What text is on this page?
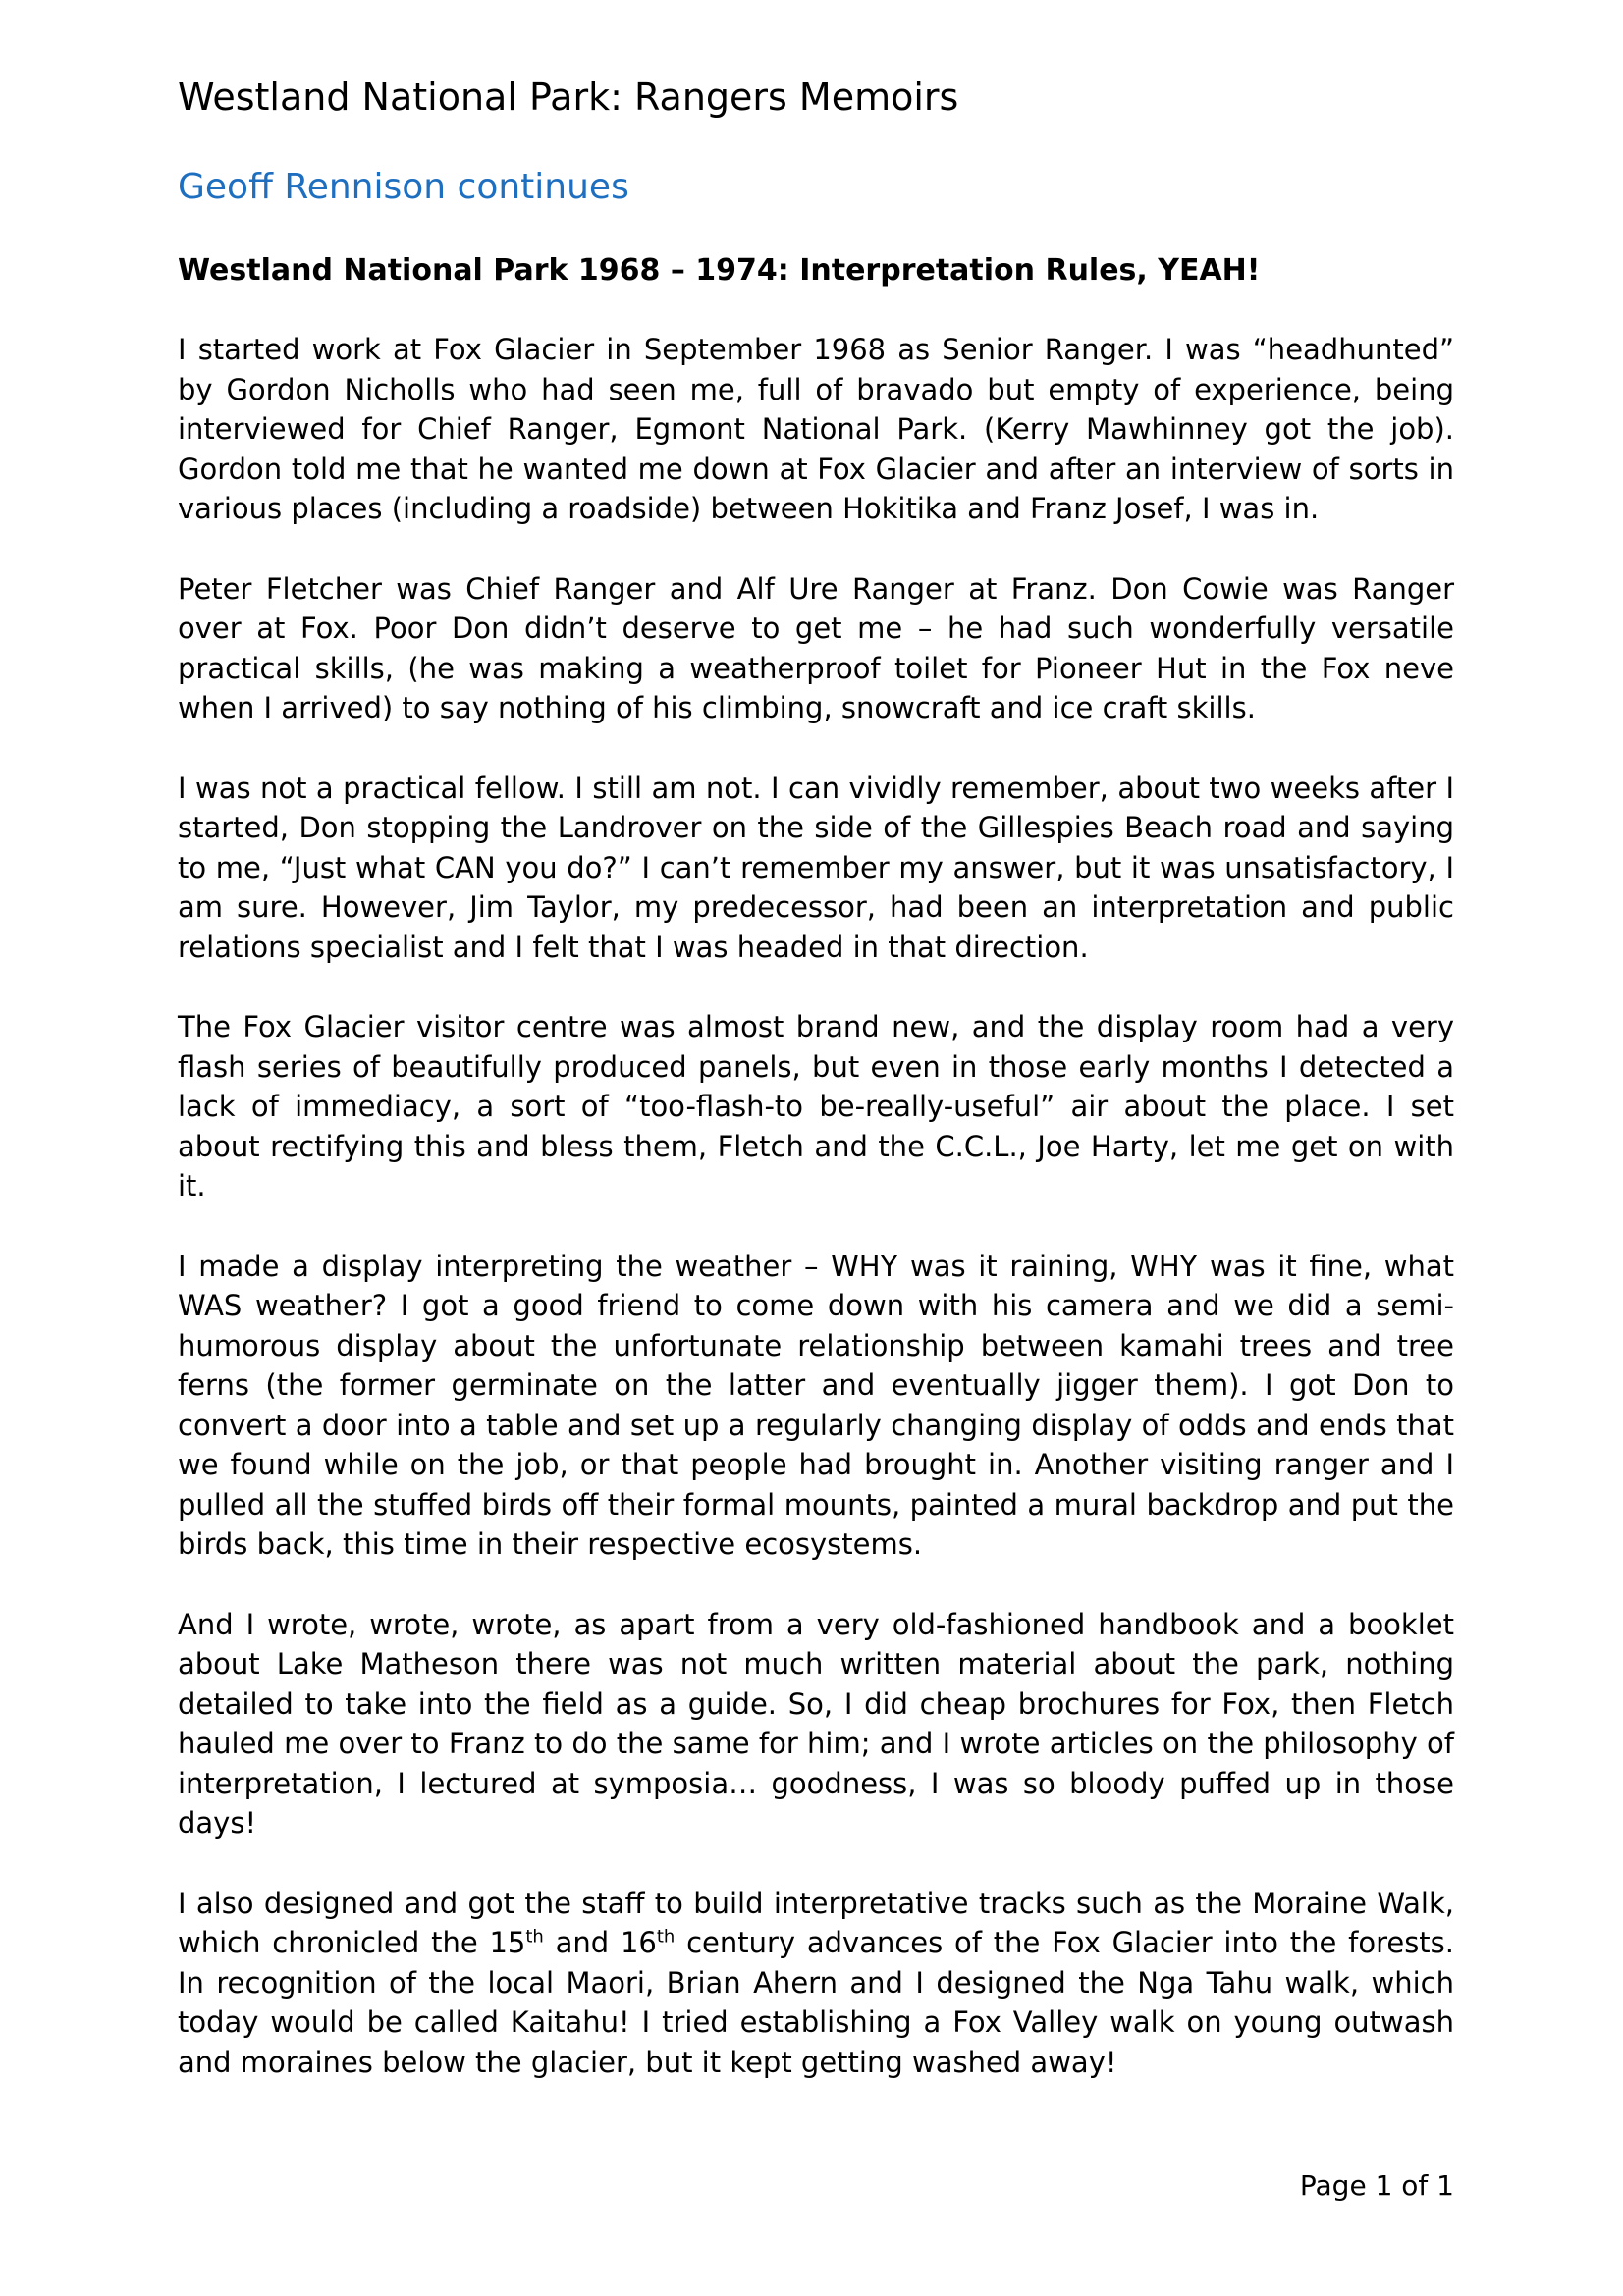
Westland National Park: Rangers Memoirs
Geoff Rennison continues
Westland National Park 1968 – 1974: Interpretation Rules, YEAH!

I started work at Fox Glacier in September 1968 as Senior Ranger. I was “headhunted” by Gordon Nicholls who had seen me, full of bravado but empty of experience, being interviewed for Chief Ranger, Egmont National Park. (Kerry Mawhinney got the job). Gordon told me that he wanted me down at Fox Glacier and after an interview of sorts in various places (including a roadside) between Hokitika and Franz Josef, I was in.

Peter Fletcher was Chief Ranger and Alf Ure Ranger at Franz. Don Cowie was Ranger over at Fox. Poor Don didn’t deserve to get me – he had such wonderfully versatile practical skills, (he was making a weatherproof toilet for Pioneer Hut in the Fox neve when I arrived) to say nothing of his climbing, snowcraft and ice craft skills.

I was not a practical fellow. I still am not. I can vividly remember, about two weeks after I started, Don stopping the Landrover on the side of the Gillespies Beach road and saying to me, “Just what CAN you do?” I can’t remember my answer, but it was unsatisfactory, I am sure. However, Jim Taylor, my predecessor, had been an interpretation and public relations specialist and I felt that I was headed in that direction.

The Fox Glacier visitor centre was almost brand new, and the display room had a very flash series of beautifully produced panels, but even in those early months I detected a lack of immediacy, a sort of “too-flash-to be-really-useful” air about the place. I set about rectifying this and bless them, Fletch and the C.C.L., Joe Harty, let me get on with it.

I made a display interpreting the weather – WHY was it raining, WHY was it fine, what WAS weather? I got a good friend to come down with his camera and we did a semi-humorous display about the unfortunate relationship between kamahi trees and tree ferns (the former germinate on the latter and eventually jigger them). I got Don to convert a door into a table and set up a regularly changing display of odds and ends that we found while on the job, or that people had brought in. Another visiting ranger and I pulled all the stuffed birds off their formal mounts, painted a mural backdrop and put the birds back, this time in their respective ecosystems.

And I wrote, wrote, wrote, as apart from a very old-fashioned handbook and a booklet about Lake Matheson there was not much written material about the park, nothing detailed to take into the field as a guide. So, I did cheap brochures for Fox, then Fletch hauled me over to Franz to do the same for him; and I wrote articles on the philosophy of interpretation, I lectured at symposia… goodness, I was so bloody puffed up in those days!

I also designed and got the staff to build interpretative tracks such as the Moraine Walk, which chronicled the 15th and 16th century advances of the Fox Glacier into the forests. In recognition of the local Maori, Brian Ahern and I designed the Nga Tahu walk, which today would be called Kaitahu! I tried establishing a Fox Valley walk on young outwash and moraines below the glacier, but it kept getting washed away!

Page 1 of 1
